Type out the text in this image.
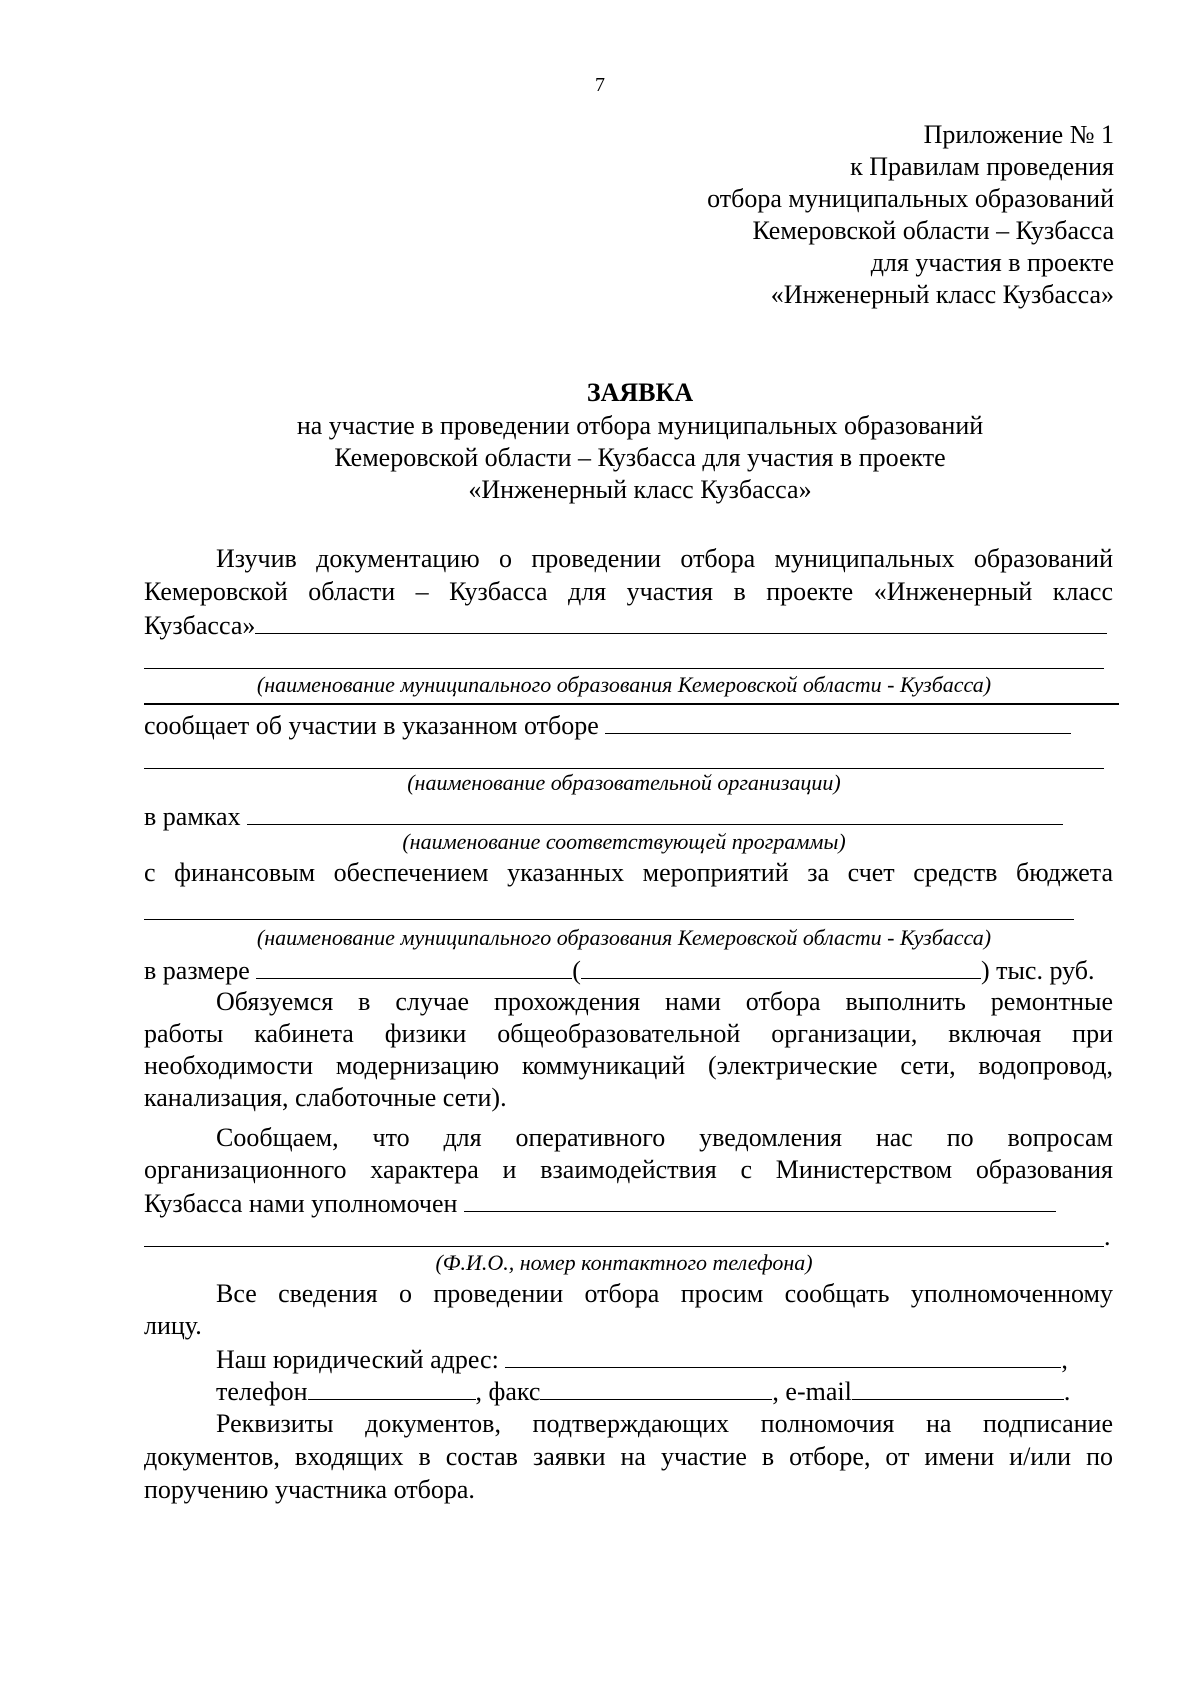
7
Приложение № 1
к Правилам проведения
отбора муниципальных образований
Кемеровской области – Кузбасса
для участия в проекте
«Инженерный класс Кузбасса»
ЗАЯВКА
на участие в проведении отбора муниципальных образований
Кемеровской области – Кузбасса для участия в проекте
«Инженерный класс Кузбасса»
Изучив документацию о проведении отбора муниципальных образований
Кемеровской области – Кузбасса для участия в проекте «Инженерный класс
Кузбасса»
(наименование муниципального образования Кемеровской области - Кузбасса)
сообщает об участии в указанном отборе
(наименование образовательной организации)
в рамках
(наименование соответствующей программы)
с финансовым обеспечением указанных мероприятий за счет средств бюджета
(наименование муниципального образования Кемеровской области - Кузбасса)
в размере	(	) тыс. руб.
Обязуемся в случае прохождения нами отбора выполнить ремонтные
работы кабинета физики общеобразовательной организации, включая при
необходимости модернизацию коммуникаций (электрические сети, водопровод,
канализация, слаботочные сети).
Сообщаем, что для оперативного уведомления нас по вопросам
организационного характера и взаимодействия с Министерством образования
Кузбасса нами уполномочен
.
(Ф.И.О., номер контактного телефона)
Все сведения о проведении отбора просим сообщать уполномоченному
лицу.
Наш юридический адрес:	,
телефон	, факс	, e-mail	.
Реквизиты документов, подтверждающих полномочия на подписание
документов, входящих в состав заявки на участие в отборе, от имени и/или по
поручению участника отбора.
